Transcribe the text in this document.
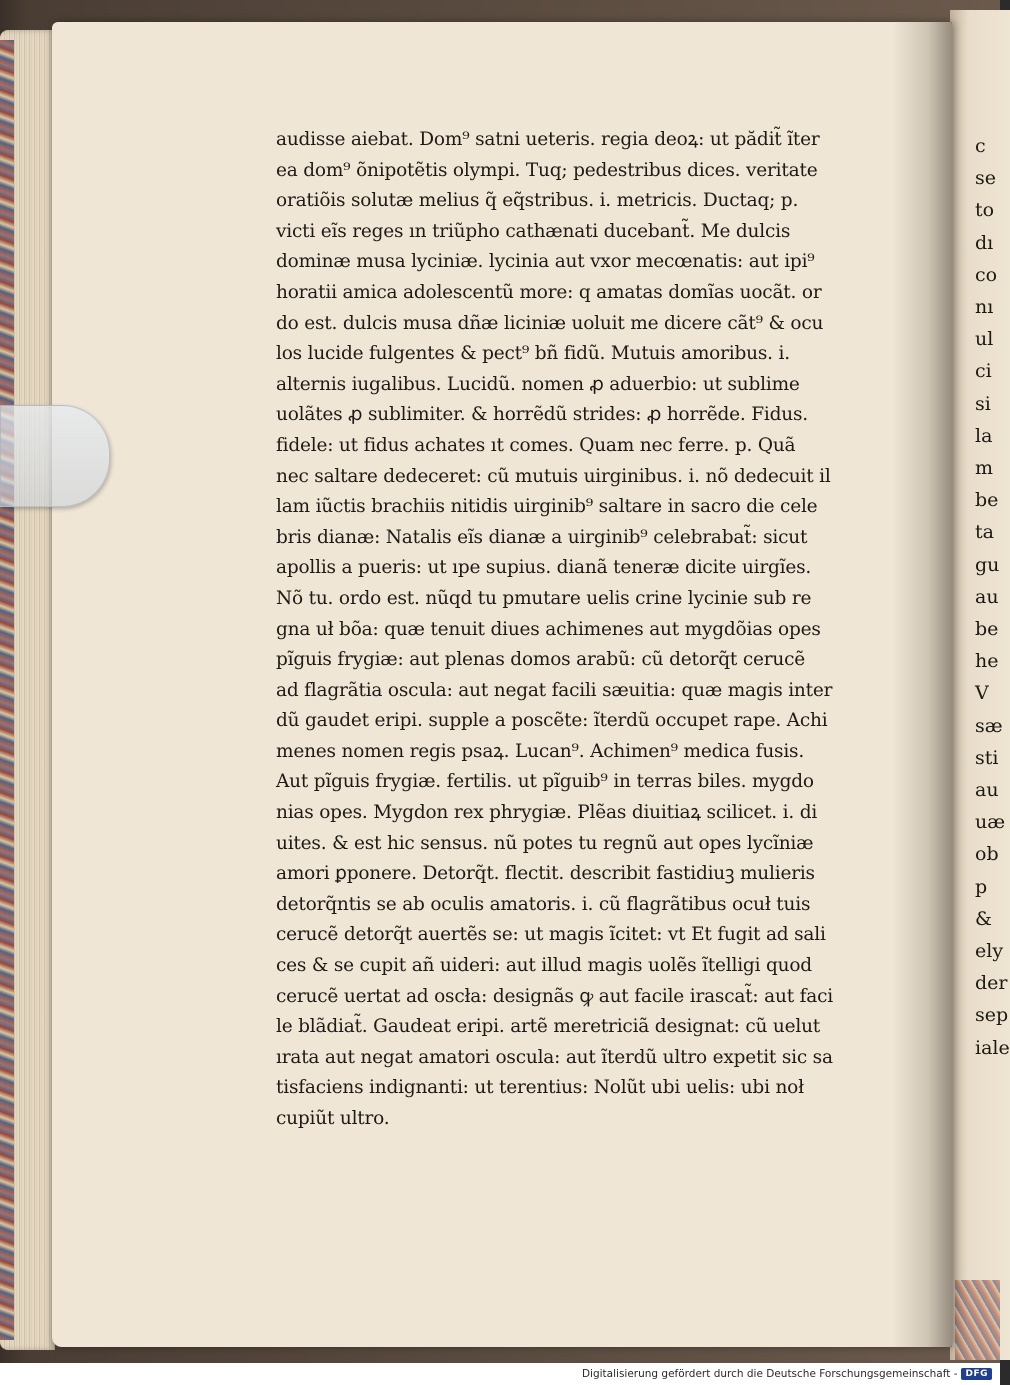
c
se
to
dı
co
nı
ul
ci
si
la
m
be
ta
gu
au
be
he
V
sæ
sti
au
uæ
ob
p
&
ely
der
sep
iale
audisse aiebat. Dom⁹ satni ueteris. regia deoꝝ: ut pădit̃ ĩter
ea dom⁹ õnipotẽtis olympi. Tuq; pedestribus dices. veritate
oratiõis solutæ melius q̃ eq̃stribus. i. metricis. Ductaq; p.
victi eĩs reges ın triũpho cathænati ducebant̃. Me dulcis
dominæ musa lyciniæ. lycinia aut vxor mecœnatis: aut ipi⁹
horatii amica adolescentũ more: q amatas domĩas uocãt. or
do est. dulcis musa dñæ liciniæ uoluit me dicere cãt⁹ & ocu
los lucide fulgentes & pect⁹ bñ fidũ. Mutuis amoribus. i.
alternis iugalibus. Lucidũ. nomen ꝓ aduerbio: ut sublime
uolãtes ꝓ sublimiter. & horrẽdũ strides: ꝓ horrẽde. Fidus.
fidele: ut fidus achates ıt comes. Quam nec ferre. p. Quã
nec saltare dedeceret: cũ mutuis uirginibus. i. nõ dedecuit il
lam iũctis brachiis nitidis uirginib⁹ saltare in sacro die cele
bris dianæ: Natalis eĩs dianæ a uirginib⁹ celebrabat̃: sicut
apollis a pueris: ut ıpe supius. dianã teneræ dicite uirgĩes.
Nõ tu. ordo est. nũqd tu pmutare uelis crine lycinie sub re
gna uł bõa: quæ tenuit diues achimenes aut mygdõias opes
pĩguis frygiæ: aut plenas domos arabũ: cũ detorq̃t cerucẽ
ad flagrãtia oscula: aut negat facili sæuitia: quæ magis inter
dũ gaudet eripi. supple a poscẽte: ĩterdũ occupet rape. Achi
menes nomen regis psaꝝ. Lucan⁹. Achimen⁹ medica fusis.
Aut pĩguis frygiæ. fertilis. ut pĩguib⁹ in terras biles. mygdo
nias opes. Mygdon rex phrygiæ. Plẽas diuitiaꝝ scilicet. i. di
uites. & est hic sensus. nũ potes tu regnũ aut opes lycĩniæ
amori ꝑponere. Detorq̃t. flectit. describit fastidiuꝫ mulieris
detorq̃ntis se ab oculis amatoris. i. cũ flagrãtibus ocuł tuis
cerucẽ detorq̃t auertẽs se: ut magis ĩcitet: vt Et fugit ad sali
ces & se cupit añ uideri: aut illud magis uolẽs ĩtelligi quod
cerucẽ uertat ad oscła: designãs ꝙ aut facile irascat̃: aut faci
le blãdiat̃. Gaudeat eripi. artẽ meretriciã designat: cũ uelut
ırata aut negat amatori oscula: aut ĩterdũ ultro expetit sic sa
tisfaciens indignanti: ut terentius: Nolũt ubi uelis: ubi noł
cupiũt ultro.
Digitalisierung gefördert durch die Deutsche Forschungsgemeinschaft - DFG
